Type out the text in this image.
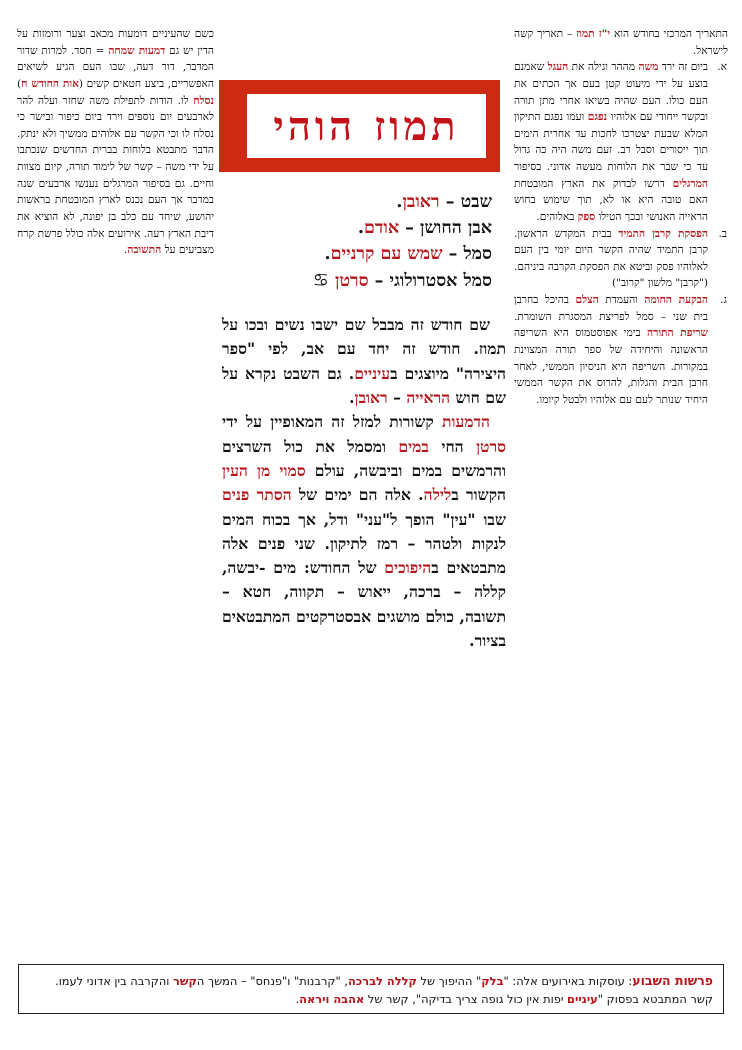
התאריך המרכזי בחודש הוא י"ז תמוז – תאריך קשה לישראל.

א.
ביום זה ירד משה מההר וגילה את העגל שאמנם בוצע על ידי מיעוט קטן בעם אך הכתים את העם כולו. העם שהיה בשיאו אחרי מתן תורה ובקשר ייחודי עם אלוהיו נפגם ועמו נפגם התיקון המלא שבעת יצטרכו לחכות עד אחרית הימים תוך ייסורים וסבל רב. זעם משה היה כה גדול עד כי שבר את הלוחות מעשה אדוני. בסיפור המרגלים דרשו לבדוק את הארץ המובטחת האם טובה היא או לא, תוך שימוש בחוש הראייה האנושי ובכך הטילו ספק באלוהים.
ב.
הפסקת קרבן התמיד בבית המקדש הראשון. קרבן התמיד שהיה הקשר היום יומי בין העם לאלוהיו פסק וביטא את הפסקת הקרבה ביניהם. ("קרבן" מלשון "קרוב")
ג.
הבקעת החומה והעמדת הצלם בהיכל בחרבן בית שני – סמל לפריצת המסגרת השומרת. שריפת התורה בימי אפוסטמוס היא השריפה הראשונה והיחידה של ספר תורה המצוינת במקורות. השריפה היא הניסיון הממשי, לאחר חרבן הבית והגלות, להרוס את הקשר הממשי היחיד שנותר לעם עם אלוהיו ולבטל קיומו.

כשם שהעיניים דומעות מכאב וצער ורומזות על הדין יש גם דמעות שמחה = חסד. למרות שדור המדבר, דור דעה, שבו העם הגיע לשיאים האפשריים, ביצע חטאים קשים (אות החודש ח) נסלח לו. הודות לתפילת משה שחזר ועלה להר לארבעים יום נוספים וירד ביום כיפור ובישר כי נסלח לו וכי הקשר עם אלוהים ממשיך ולא ינתק. הדבר מתבטא בלוחות בברית החדשים שנכתבו על ידי משה – קשר של לימוד תורה, קיום מצוות וחיים. גם בסיפור המרגלים נענשו ארבעים שנה במדבר אך העם נכנס לארץ המובטחת בראשות יהושע, שיחד עם כלב בן יפונה, לא הוציא את דיבת הארץ רעה. אירועים אלה כולל פרשת קרח מצביעים על התשובה.

תמוז הוהי
שבט – ראובן.
אבן החושן – אודם.
סמל – שמש עם קרניים.
סמל אסטרולוגי – סרטן ♋

שם חודש זה מבבל שם ישבו נשים ובכו על תמוז. חודש זה יחד עם אב, לפי "ספר היצירה" מיוצגים בעיניים. גם השבט נקרא על שם חוש הראייה – ראובן.

הדמעות קשורות למזל זה המאופיין על ידי סרטן החי במים ומסמל את כול השרצים והרמשים במים וביבשה, עולם סמוי מן העין הקשור בלילה. אלה הם ימים של הסתר פנים שבו "עין" הופך ל"עני" ודל, אך בכוח המים לנקות ולטהר – רמז לתיקון. שני פנים אלה מתבטאים בהיפוכים של החודש: מים -יבשה, קללה – ברכה, ייאוש – תקווה, חטא – תשובה, כולם מושגים אבסטרקטים המתבטאים בציור.

פרשות השבוע: עוסקות באירועים אלה: "בלק" ההיפוך של קללה לברכה, "קרבנות" ו"פנחס" – המשך הקשר והקרבה בין אדוני לעמו. קשר המתבטא בפסוק "עיניים יפות אין כול גופה צריך בדיקה", קשר של אהבה ויראה.
